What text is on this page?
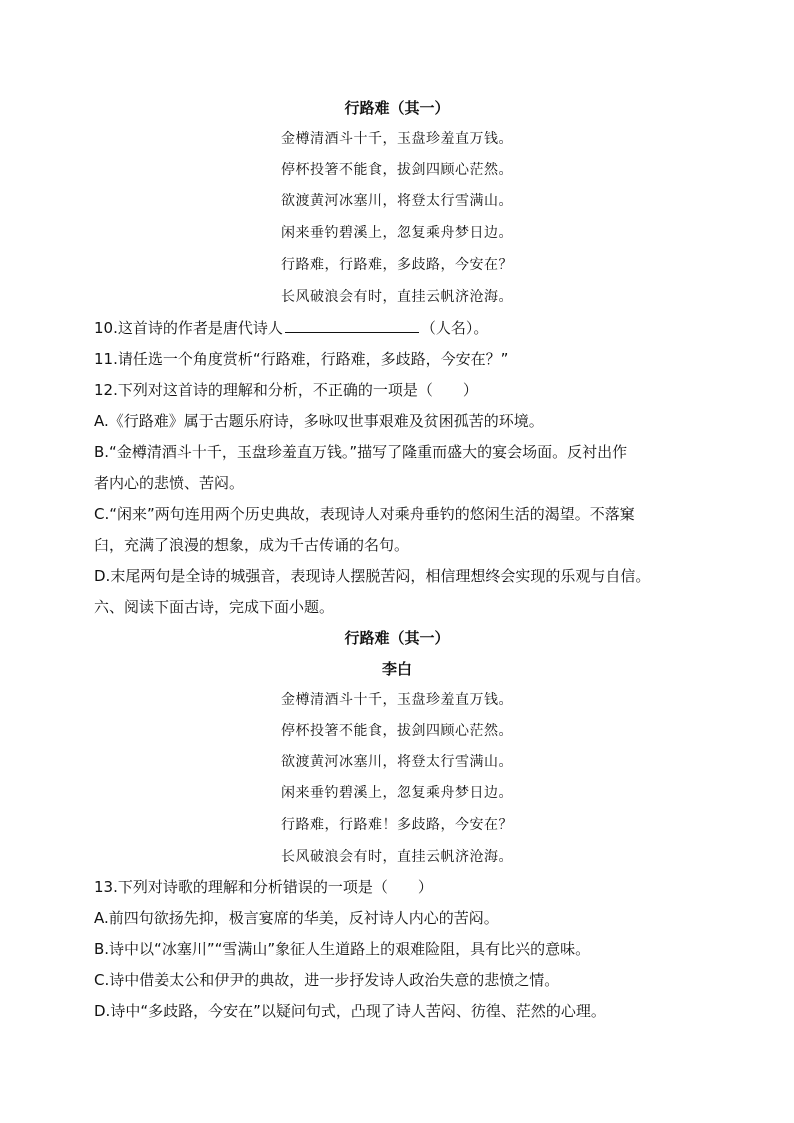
行路难（其一）
金樽清酒斗十千，玉盘珍羞直万钱。
停杯投箸不能食，拔剑四顾心茫然。
欲渡黄河冰塞川，将登太行雪满山。
闲来垂钓碧溪上，忽复乘舟梦日边。
行路难，行路难，多歧路，今安在？
长风破浪会有时，直挂云帆济沧海。
10.这首诗的作者是唐代诗人	（人名）。
11.请任选一个角度赏析“行路难，行路难，多歧路，今安在？”
12.下列对这首诗的理解和分析，不正确的一项是（　　）
A.《行路难》属于古题乐府诗，多咏叹世事艰难及贫困孤苦的环境。
B.“金樽清酒斗十千，玉盘珍羞直万钱。”描写了隆重而盛大的宴会场面。反衬出作
者内心的悲愤、苦闷。
C.“闲来”两句连用两个历史典故，表现诗人对乘舟垂钓的悠闲生活的渴望。不落窠
臼，充满了浪漫的想象，成为千古传诵的名句。
D.末尾两句是全诗的城强音，表现诗人摆脱苦闷，相信理想终会实现的乐观与自信。
六、阅读下面古诗，完成下面小题。
行路难（其一）
李白
金樽清酒斗十千，玉盘珍羞直万钱。
停杯投箸不能食，拔剑四顾心茫然。
欲渡黄河冰塞川，将登太行雪满山。
闲来垂钓碧溪上，忽复乘舟梦日边。
行路难，行路难！多歧路，今安在？
长风破浪会有时，直挂云帆济沧海。
13.下列对诗歌的理解和分析错误的一项是（　　）
A.前四句欲扬先抑，极言宴席的华美，反衬诗人内心的苦闷。
B.诗中以“冰塞川”“雪满山”象征人生道路上的艰难险阻，具有比兴的意味。
C.诗中借姜太公和伊尹的典故，进一步抒发诗人政治失意的悲愤之情。
D.诗中“多歧路，今安在”以疑问句式，凸现了诗人苦闷、彷徨、茫然的心理。
